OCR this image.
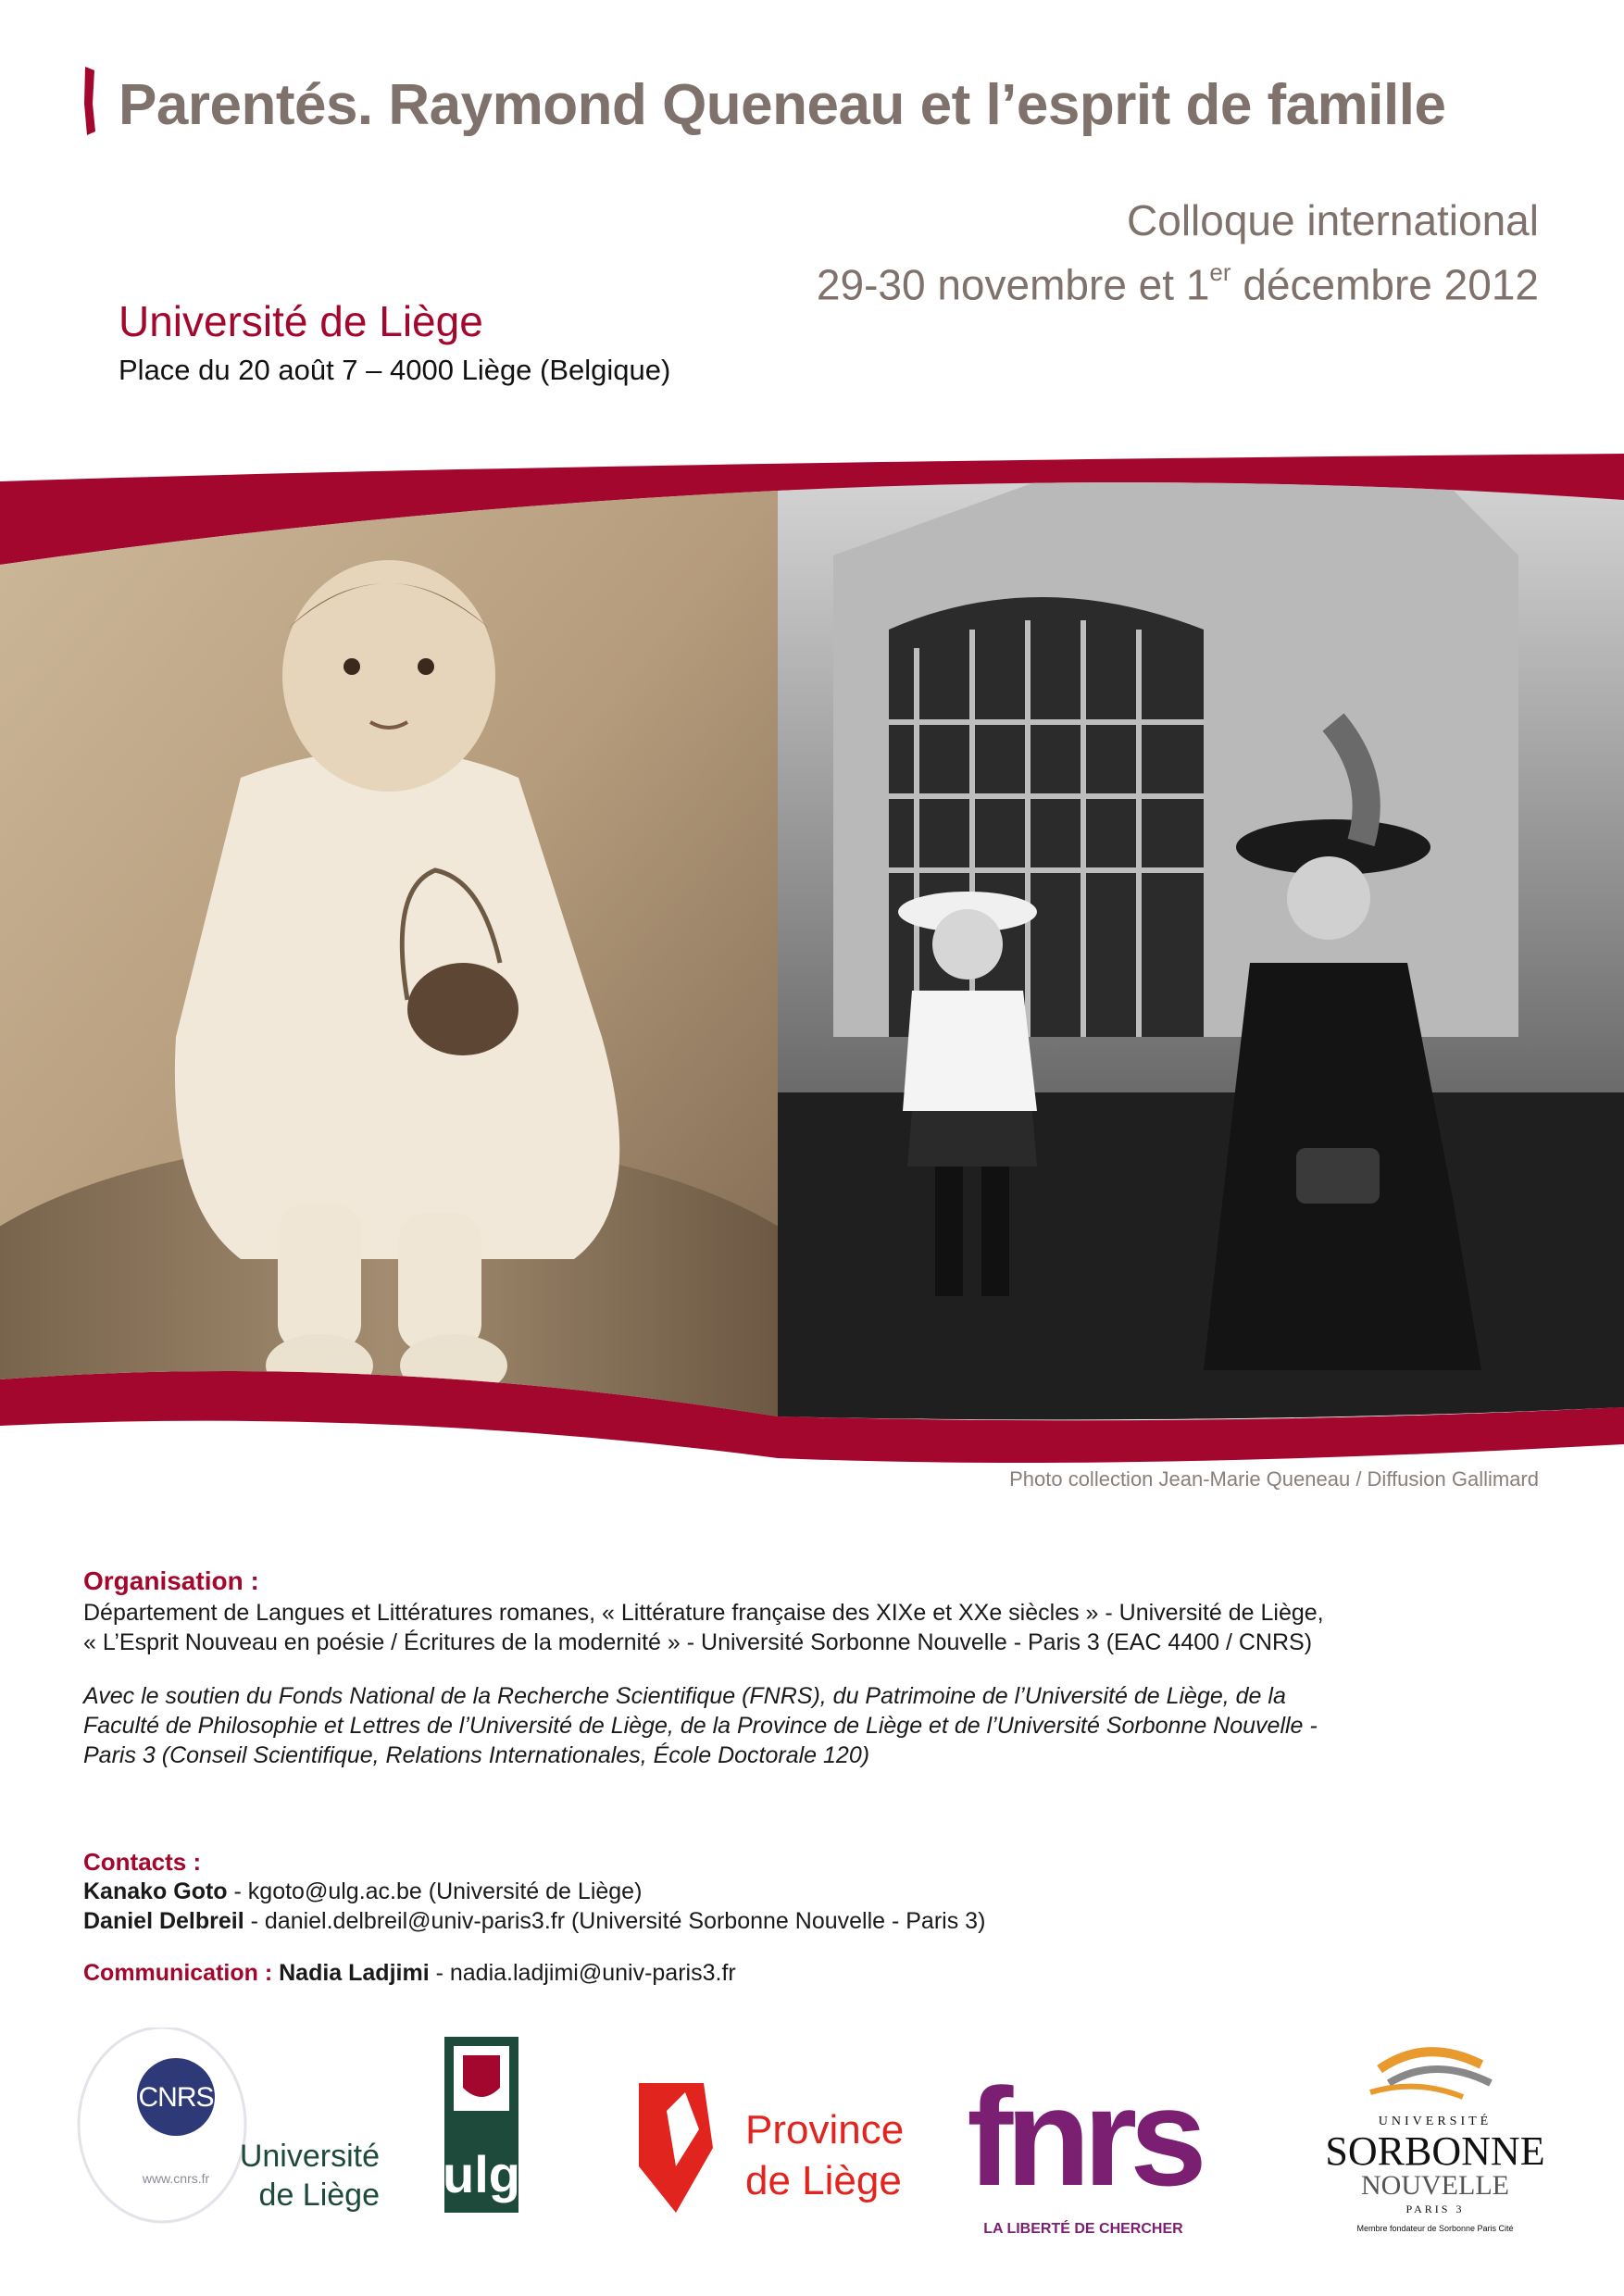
Parentés. Raymond Queneau et l’esprit de famille
Colloque international
29-30 novembre et 1er décembre 2012
Université de Liège
Place du 20 août 7 – 4000 Liège (Belgique)
Photo collection Jean-Marie Queneau / Diffusion Gallimard
Organisation :
Département de Langues et Littératures romanes, « Littérature française des XIXe et XXe siècles » - Université de Liège,
« L’Esprit Nouveau en poésie / Écritures de la modernité » - Université Sorbonne Nouvelle - Paris 3 (EAC 4400 / CNRS)
Avec le soutien du Fonds National de la Recherche Scientifique (FNRS), du Patrimoine de l’Université de Liège, de la
Faculté de Philosophie et Lettres de l’Université de Liège, de la Province de Liège et de l’Université Sorbonne Nouvelle -
Paris 3 (Conseil Scientifique, Relations Internationales, École Doctorale 120)
Contacts :
Kanako Goto - kgoto@ulg.ac.be (Université de Liège)
Daniel Delbreil - daniel.delbreil@univ-paris3.fr (Université Sorbonne Nouvelle - Paris 3)
Communication : Nadia Ladjimi - nadia.ladjimi@univ-paris3.fr
CNRS
www.cnrs.fr
Université
de Liège ulg
Province
de Liège fnrs
LA LIBERTÉ DE CHERCHER
UNIVERSITÉ
SORBONNE
NOUVELLE
PARIS 3
Membre fondateur de Sorbonne Paris Cité
